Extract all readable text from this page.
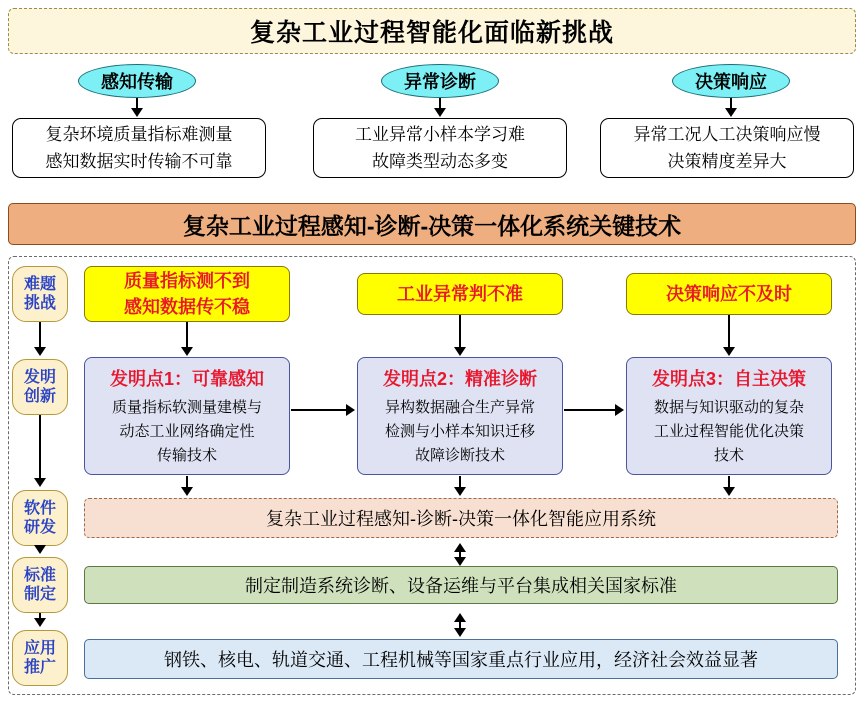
复杂工业过程智能化面临新挑战
感知传输	异常诊断	决策响应
复杂环境质量指标难测量
感知数据实时传输不可靠
工业异常小样本学习难
故障类型动态多变
异常工况人工决策响应慢
决策精度差异大
复杂工业过程感知-诊断-决策一体化系统关键技术
难题
挑战
发明
创新
软件
研发
标准
制定
应用
推广
质量指标测不到
感知数据传不稳
工业异常判不准	决策响应不及时
发明点1：可靠感知
质量指标软测量建模与
动态工业网络确定性
传输技术
发明点2：精准诊断
异构数据融合生产异常
检测与小样本知识迁移
故障诊断技术
发明点3：自主决策
数据与知识驱动的复杂
工业过程智能优化决策
技术
复杂工业过程感知-诊断-决策一体化智能应用系统
制定制造系统诊断、设备运维与平台集成相关国家标准
钢铁、核电、轨道交通、工程机械等国家重点行业应用，经济社会效益显著
